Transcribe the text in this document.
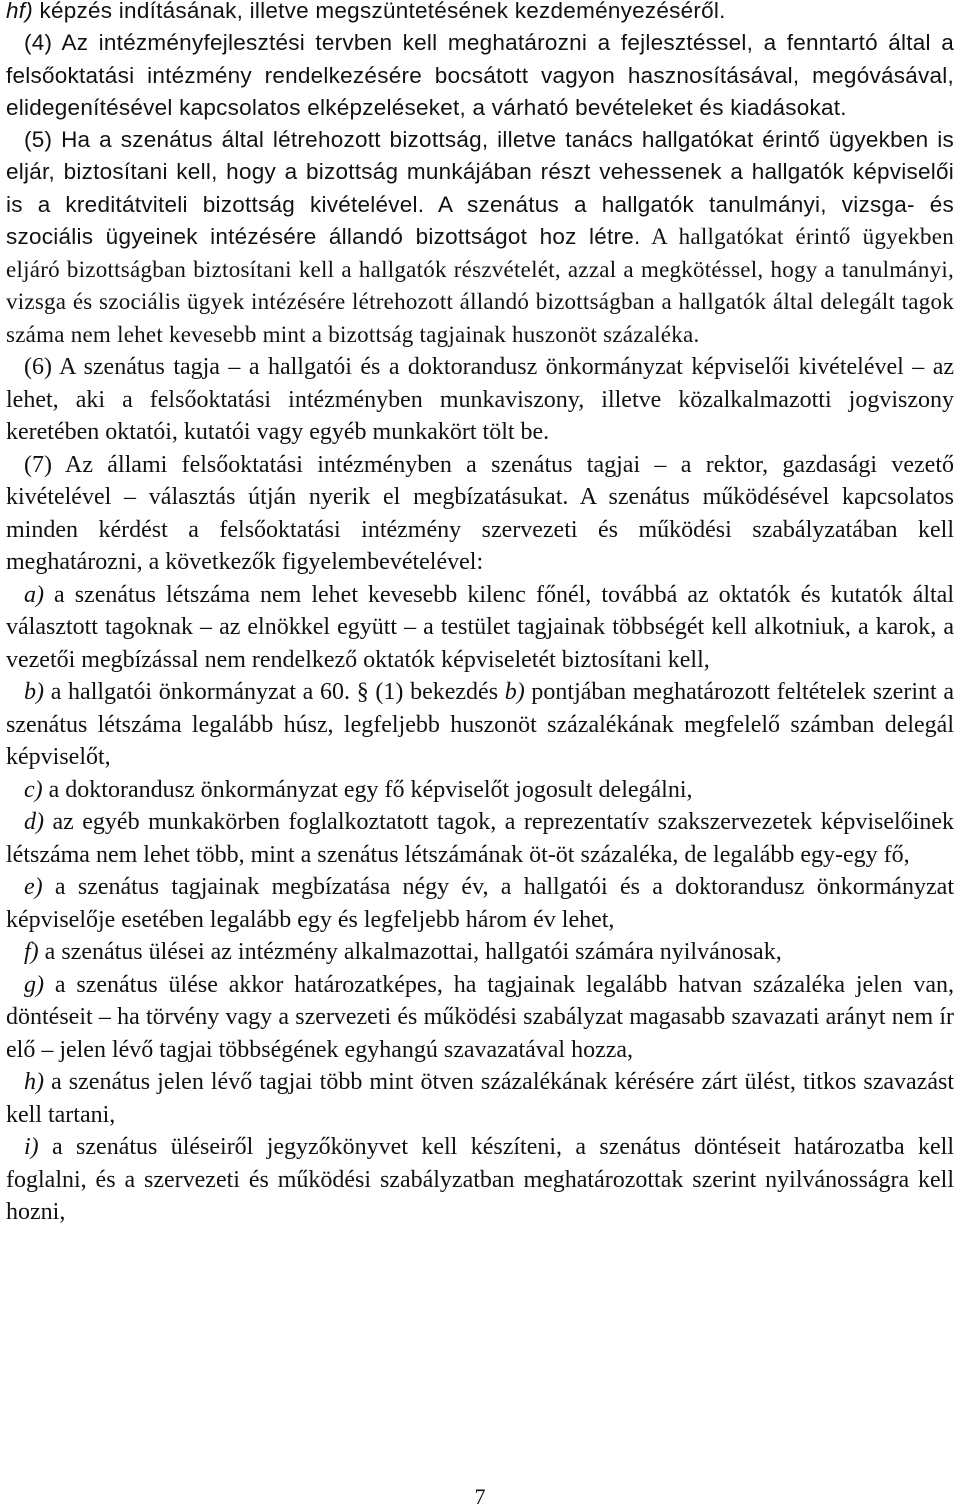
hf) képzés indításának, illetve megszüntetésének kezdeményezéséről.

(4) Az intézményfejlesztési tervben kell meghatározni a fejlesztéssel, a fenntartó által a felsőoktatási intézmény rendelkezésére bocsátott vagyon hasznosításával, megóvásával, elidegenítésével kapcsolatos elképzeléseket, a várható bevételeket és kiadásokat.

(5) Ha a szenátus által létrehozott bizottság, illetve tanács hallgatókat érintő ügyekben is eljár, biztosítani kell, hogy a bizottság munkájában részt vehessenek a hallgatók képviselői is a kreditátviteli bizottság kivételével. A szenátus a hallgatók tanulmányi, vizsga- és szociális ügyeinek intézésére állandó bizottságot hoz létre. A hallgatókat érintő ügyekben eljáró bizottságban biztosítani kell a hallgatók részvételét, azzal a megkötéssel, hogy a tanulmányi, vizsga és szociális ügyek intézésére létrehozott állandó bizottságban a hallgatók által delegált tagok száma nem lehet kevesebb mint a bizottság tagjainak huszonöt százaléka.

(6) A szenátus tagja – a hallgatói és a doktorandusz önkormányzat képviselői kivételével – az lehet, aki a felsőoktatási intézményben munkaviszony, illetve közalkalmazotti jogviszony keretében oktatói, kutatói vagy egyéb munkakört tölt be.

(7) Az állami felsőoktatási intézményben a szenátus tagjai – a rektor, gazdasági vezető kivételével – választás útján nyerik el megbízatásukat. A szenátus működésével kapcsolatos minden kérdést a felsőoktatási intézmény szervezeti és működési szabályzatában kell meghatározni, a következők figyelembevételével:

a) a szenátus létszáma nem lehet kevesebb kilenc főnél, továbbá az oktatók és kutatók által választott tagoknak – az elnökkel együtt – a testület tagjainak többségét kell alkotniuk, a karok, a vezetői megbízással nem rendelkező oktatók képviseletét biztosítani kell,

b) a hallgatói önkormányzat a 60. § (1) bekezdés b) pontjában meghatározott feltételek szerint a szenátus létszáma legalább húsz, legfeljebb huszonöt százalékának megfelelő számban delegál képviselőt,

c) a doktorandusz önkormányzat egy fő képviselőt jogosult delegálni,

d) az egyéb munkakörben foglalkoztatott tagok, a reprezentatív szakszervezetek képviselőinek létszáma nem lehet több, mint a szenátus létszámának öt-öt százaléka, de legalább egy-egy fő,

e) a szenátus tagjainak megbízatása négy év, a hallgatói és a doktorandusz önkormányzat képviselője esetében legalább egy és legfeljebb három év lehet,

f) a szenátus ülései az intézmény alkalmazottai, hallgatói számára nyilvánosak,

g) a szenátus ülése akkor határozatképes, ha tagjainak legalább hatvan százaléka jelen van, döntéseit – ha törvény vagy a szervezeti és működési szabályzat magasabb szavazati arányt nem ír elő – jelen lévő tagjai többségének egyhangú szavazatával hozza,

h) a szenátus jelen lévő tagjai több mint ötven százalékának kérésére zárt ülést, titkos szavazást kell tartani,

i) a szenátus üléseiről jegyzőkönyvet kell készíteni, a szenátus döntéseit határozatba kell foglalni, és a szervezeti és működési szabályzatban meghatározottak szerint nyilvánosságra kell hozni,

7
